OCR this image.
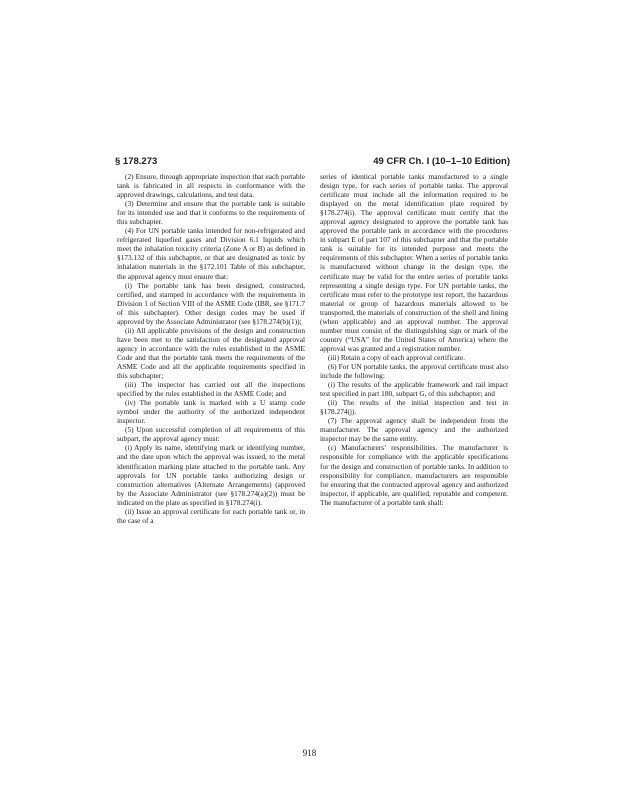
§ 178.273	49 CFR Ch. I (10–1–10 Edition)

(2) Ensure, through appropriate inspection that each portable tank is fabricated in all respects in conformance with the approved drawings, calculations, and test data.

(3) Determine and ensure that the portable tank is suitable for its intended use and that it conforms to the requirements of this subchapter.

(4) For UN portable tanks intended for non-refrigerated and refrigerated liquefied gases and Division 6.1 liquids which meet the inhalation toxicity criteria (Zone A or B) as defined in §173.132 of this subchapter, or that are designated as toxic by inhalation materials in the §172.101 Table of this subchapter, the approval agency must ensure that:

(i) The portable tank has been designed, constructed, certified, and stamped in accordance with the requirements in Division 1 of Section VIII of the ASME Code (IBR, see §171.7 of this subchapter). Other design codes may be used if approved by the Associate Administrator (see §178.274(b)(1));

(ii) All applicable provisions of the design and construction have been met to the satisfaction of the designated approval agency in accordance with the rules established in the ASME Code and that the portable tank meets the requirements of the ASME Code and all the applicable requirements specified in this subchapter;

(iii) The inspector has carried out all the inspections specified by the rules established in the ASME Code; and

(iv) The portable tank is marked with a U stamp code symbol under the authority of the authorized independent inspector.

(5) Upon successful completion of all requirements of this subpart, the approval agency must:

(i) Apply its name, identifying mark or identifying number, and the date upon which the approval was issued, to the metal identification marking plate attached to the portable tank. Any approvals for UN portable tanks authorizing design or construction alternatives (Alternate Arrangements) (approved by the Associate Administrator (see §178.274(a)(2)) must be indicated on the plate as specified in §178.274(i).

(ii) Issue an approval certificate for each portable tank or, in the case of a

series of identical portable tanks manufactured to a single design type, for each series of portable tanks. The approval certificate must include all the information required to be displayed on the metal identification plate required by §178.274(i). The approval certificate must certify that the approval agency designated to approve the portable tank has approved the portable tank in accordance with the procedures in subpart E of part 107 of this subchapter and that the portable tank is suitable for its intended purpose and meets the requirements of this subchapter. When a series of portable tanks is manufactured without change in the design type, the certificate may be valid for the entire series of portable tanks representing a single design type. For UN portable tanks, the certificate must refer to the prototype test report, the hazardous material or group of hazardous materials allowed to be transported, the materials of construction of the shell and lining (when applicable) and an approval number. The approval number must consist of the distinguishing sign or mark of the country (“USA” for the United States of America) where the approval was granted and a registration number.

(iii) Retain a copy of each approval certificate.

(6) For UN portable tanks, the approval certificate must also include the following:

(i) The results of the applicable framework and rail impact test specified in part 180, subpart G, of this subchapter; and

(ii) The results of the initial inspection and test in §178.274(j).

(7) The approval agency shall be independent from the manufacturer. The approval agency and the authorized inspector may be the same entity.

(c) Manufacturers’ responsibilities. The manufacturer is responsible for compliance with the applicable specifications for the design and construction of portable tanks. In addition to responsibility for compliance, manufacturers are responsible for ensuring that the contracted approval agency and authorized inspector, if applicable, are qualified, reputable and competent. The manufacturer of a portable tank shall:

918
